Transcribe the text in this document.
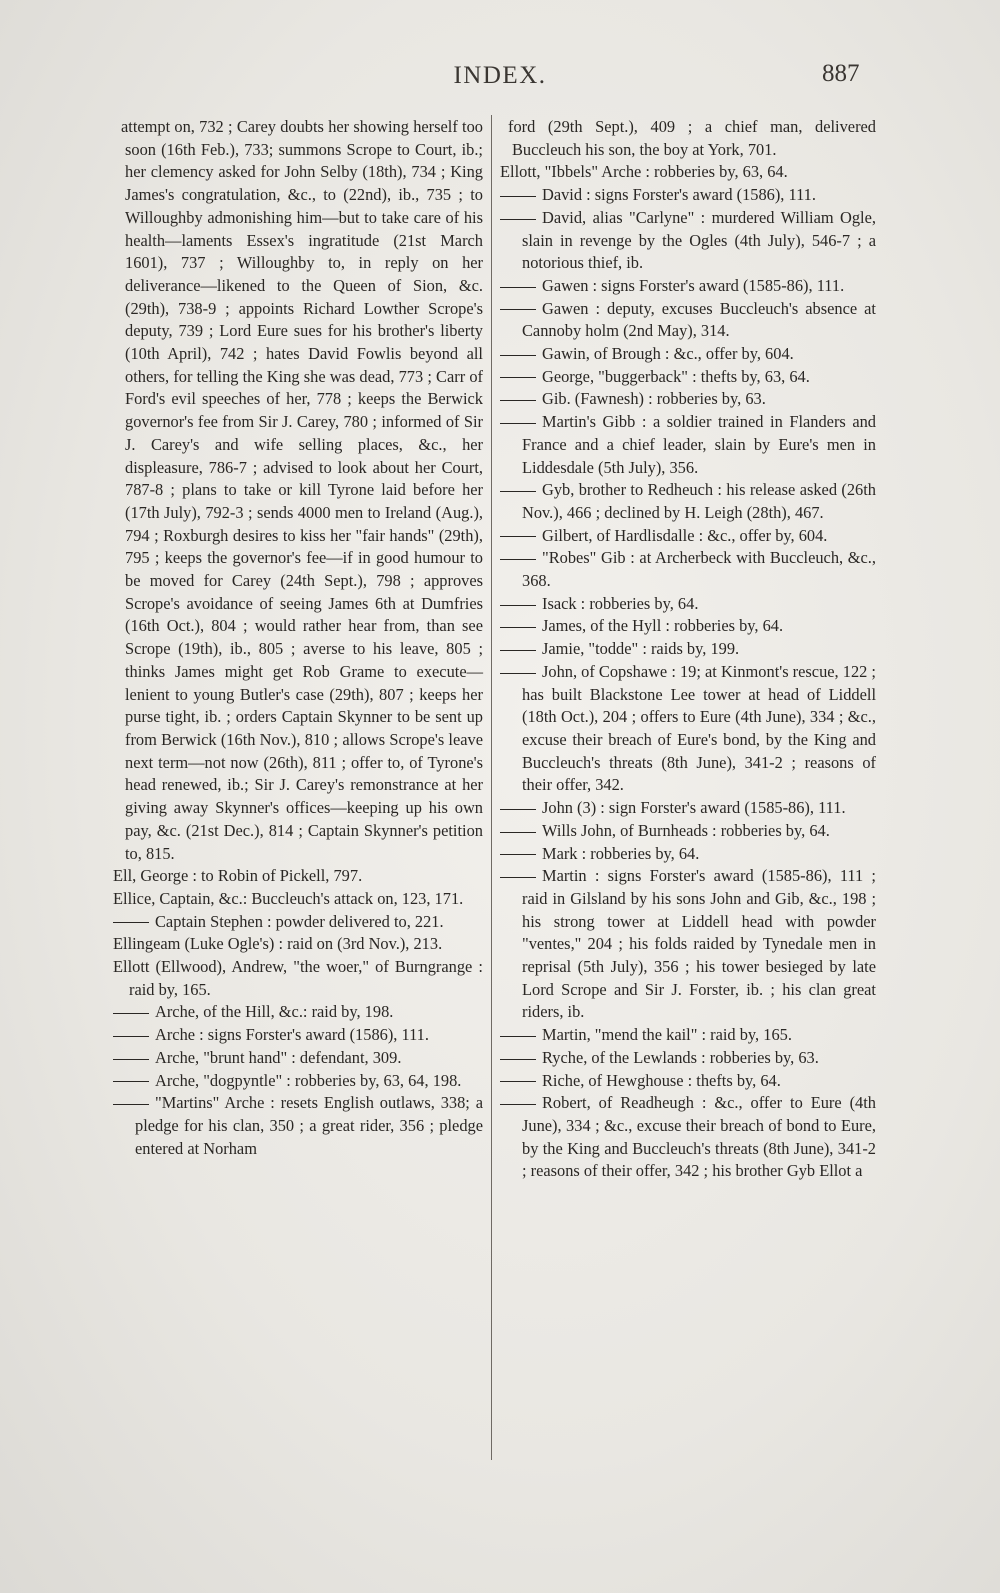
INDEX.	887

attempt on, 732 ; Carey doubts her showing herself too soon (16th Feb.), 733; summons Scrope to Court, ib.; her clemency asked for John Selby (18th), 734 ; King James's congratulation, &c., to (22nd), ib., 735 ; to Willoughby admonishing him—but to take care of his health—laments Essex's ingratitude (21st March 1601), 737 ; Willoughby to, in reply on her deliverance—likened to the Queen of Sion, &c. (29th), 738-9 ; appoints Richard Lowther Scrope's deputy, 739 ; Lord Eure sues for his brother's liberty (10th April), 742 ; hates David Fowlis beyond all others, for telling the King she was dead, 773 ; Carr of Ford's evil speeches of her, 778 ; keeps the Berwick governor's fee from Sir J. Carey, 780 ; informed of Sir J. Carey's and wife selling places, &c., her displeasure, 786-7 ; advised to look about her Court, 787-8 ; plans to take or kill Tyrone laid before her (17th July), 792-3 ; sends 4000 men to Ireland (Aug.), 794 ; Roxburgh desires to kiss her "fair hands" (29th), 795 ; keeps the governor's fee—if in good humour to be moved for Carey (24th Sept.), 798 ; approves Scrope's avoidance of seeing James 6th at Dumfries (16th Oct.), 804 ; would rather hear from, than see Scrope (19th), ib., 805 ; averse to his leave, 805 ; thinks James might get Rob Grame to execute—lenient to young Butler's case (29th), 807 ; keeps her purse tight, ib. ; orders Captain Skynner to be sent up from Berwick (16th Nov.), 810 ; allows Scrope's leave next term—not now (26th), 811 ; offer to, of Tyrone's head renewed, ib.; Sir J. Carey's remonstrance at her giving away Skynner's offices—keeping up his own pay, &c. (21st Dec.), 814 ; Captain Skynner's petition to, 815.

Ell, George : to Robin of Pickell, 797.

Ellice, Captain, &c.: Buccleuch's attack on, 123, 171.

Captain Stephen : powder delivered to, 221.

Ellingeam (Luke Ogle's) : raid on (3rd Nov.), 213.

Ellott (Ellwood), Andrew, "the woer," of Burngrange : raid by, 165.

Arche, of the Hill, &c.: raid by, 198.

Arche : signs Forster's award (1586), 111.

Arche, "brunt hand" : defendant, 309.

Arche, "dogpyntle" : robberies by, 63, 64, 198.

"Martins" Arche : resets English outlaws, 338; a pledge for his clan, 350 ; a great rider, 356 ; pledge entered at Norham

ford (29th Sept.), 409 ; a chief man, delivered Buccleuch his son, the boy at York, 701.

Ellott, "Ibbels" Arche : robberies by, 63, 64.

David : signs Forster's award (1586), 111.

David, alias "Carlyne" : murdered William Ogle, slain in revenge by the Ogles (4th July), 546-7 ; a notorious thief, ib.

Gawen : signs Forster's award (1585-86), 111.

Gawen : deputy, excuses Buccleuch's absence at Cannoby holm (2nd May), 314.

Gawin, of Brough : &c., offer by, 604.

George, "buggerback" : thefts by, 63, 64.

Gib. (Fawnesh) : robberies by, 63.

Martin's Gibb : a soldier trained in Flanders and France and a chief leader, slain by Eure's men in Liddesdale (5th July), 356.

Gyb, brother to Redheuch : his release asked (26th Nov.), 466 ; declined by H. Leigh (28th), 467.

Gilbert, of Hardlisdalle : &c., offer by, 604.

"Robes" Gib : at Archerbeck with Buccleuch, &c., 368.

Isack : robberies by, 64.

James, of the Hyll : robberies by, 64.

Jamie, "todde" : raids by, 199.

John, of Copshawe : 19; at Kinmont's rescue, 122 ; has built Blackstone Lee tower at head of Liddell (18th Oct.), 204 ; offers to Eure (4th June), 334 ; &c., excuse their breach of Eure's bond, by the King and Buccleuch's threats (8th June), 341-2 ; reasons of their offer, 342.

John (3) : sign Forster's award (1585-86), 111.

Wills John, of Burnheads : robberies by, 64.

Mark : robberies by, 64.

Martin : signs Forster's award (1585-86), 111 ; raid in Gilsland by his sons John and Gib, &c., 198 ; his strong tower at Liddell head with powder "ventes," 204 ; his folds raided by Tynedale men in reprisal (5th July), 356 ; his tower besieged by late Lord Scrope and Sir J. Forster, ib. ; his clan great riders, ib.

Martin, "mend the kail" : raid by, 165.

Ryche, of the Lewlands : robberies by, 63.

Riche, of Hewghouse : thefts by, 64.

Robert, of Readheugh : &c., offer to Eure (4th June), 334 ; &c., excuse their breach of bond to Eure, by the King and Buccleuch's threats (8th June), 341-2 ; reasons of their offer, 342 ; his brother Gyb Ellot a
